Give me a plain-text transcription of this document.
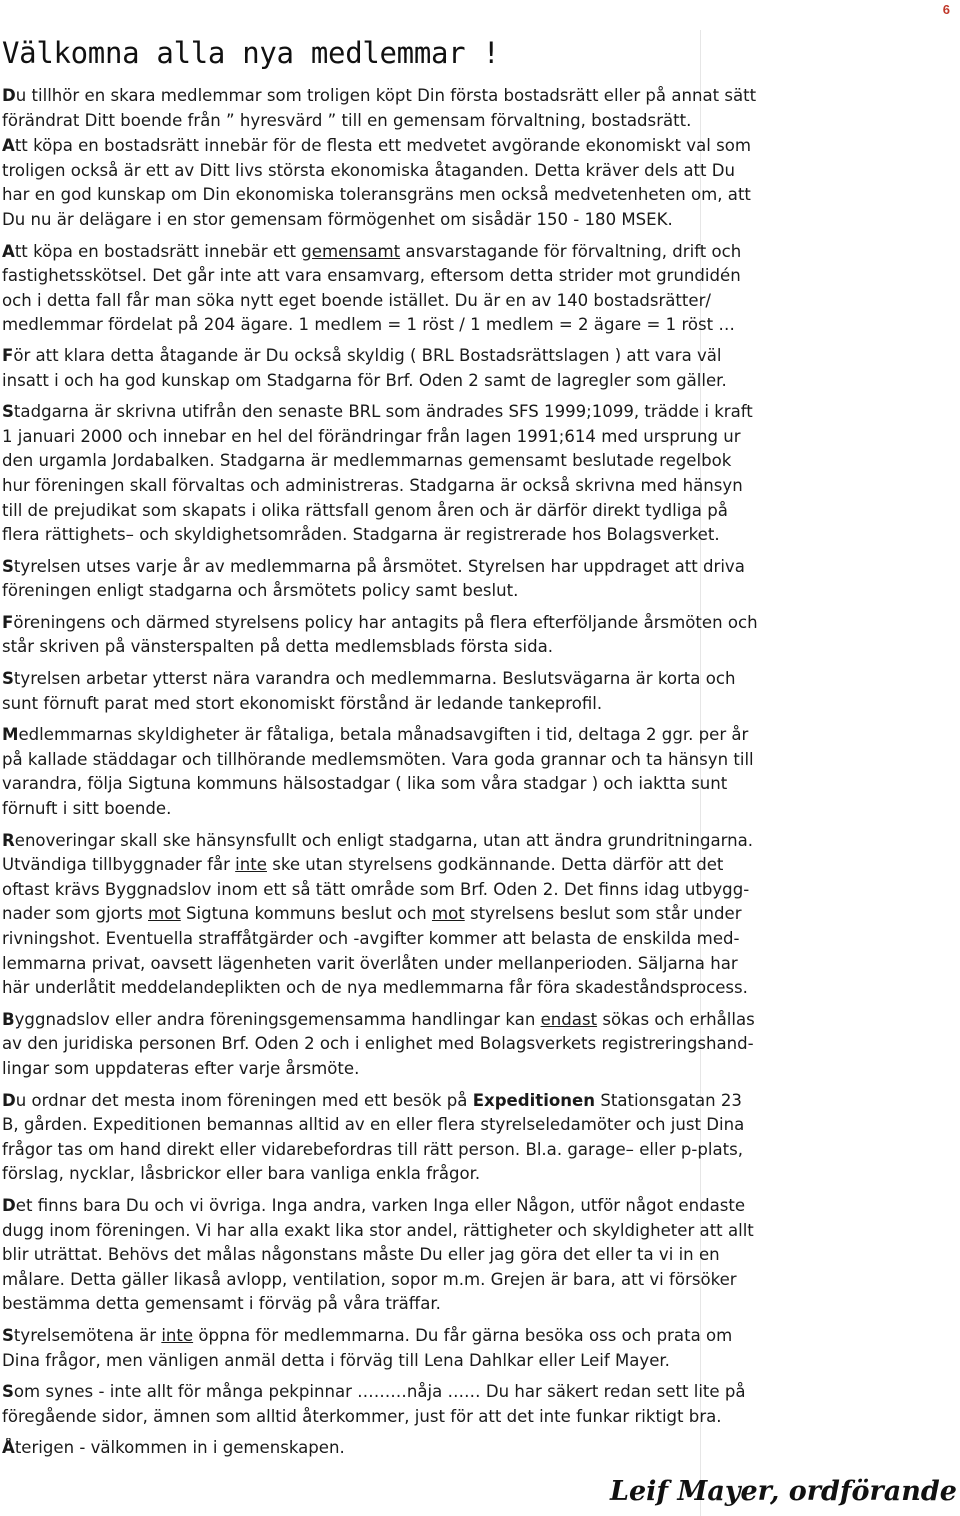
6
Välkomna alla nya medlemmar !

Du tillhör en skara medlemmar som troligen köpt Din första bostadsrätt eller på annat sätt
förändrat Ditt boende från ” hyresvärd ” till en gemensam förvaltning, bostadsrätt.

Att köpa en bostadsrätt innebär för de flesta ett medvetet avgörande ekonomiskt val som
troligen också är ett av Ditt livs största ekonomiska åtaganden. Detta kräver dels att Du
har en god kunskap om Din ekonomiska toleransgräns men också medvetenheten om, att
Du nu är delägare i en stor gemensam förmögenhet om sisådär 150 - 180 MSEK.

Att köpa en bostadsrätt innebär ett gemensamt ansvarstagande för förvaltning, drift och
fastighetsskötsel. Det går inte att vara ensamvarg, eftersom detta strider mot grundidén
och i detta fall får man söka nytt eget boende istället. Du är en av 140 bostadsrätter/
medlemmar fördelat på 204 ägare. 1 medlem = 1 röst / 1 medlem = 2 ägare = 1 röst …

För att klara detta åtagande är Du också skyldig ( BRL Bostadsrättslagen ) att vara väl
insatt i och ha god kunskap om Stadgarna för Brf. Oden 2 samt de lagregler som gäller.

Stadgarna är skrivna utifrån den senaste BRL som ändrades SFS 1999;1099, trädde i kraft
1 januari 2000 och innebar en hel del förändringar från lagen 1991;614 med ursprung ur
den urgamla Jordabalken. Stadgarna är medlemmarnas gemensamt beslutade regelbok
hur föreningen skall förvaltas och administreras. Stadgarna är också skrivna med hänsyn
till de prejudikat som skapats i olika rättsfall genom åren och är därför direkt tydliga på
flera rättighets– och skyldighetsområden. Stadgarna är registrerade hos Bolagsverket.

Styrelsen utses varje år av medlemmarna på årsmötet. Styrelsen har uppdraget att driva
föreningen enligt stadgarna och årsmötets policy samt beslut.

Föreningens och därmed styrelsens policy har antagits på flera efterföljande årsmöten och
står skriven på vänsterspalten på detta medlemsblads första sida.

Styrelsen arbetar ytterst nära varandra och medlemmarna. Beslutsvägarna är korta och
sunt förnuft parat med stort ekonomiskt förstånd är ledande tankeprofil.

Medlemmarnas skyldigheter är fåtaliga, betala månadsavgiften i tid, deltaga 2 ggr. per år
på kallade städdagar och tillhörande medlemsmöten. Vara goda grannar och ta hänsyn till
varandra, följa Sigtuna kommuns hälsostadgar ( lika som våra stadgar ) och iaktta sunt
förnuft i sitt boende.

Renoveringar skall ske hänsynsfullt och enligt stadgarna, utan att ändra grundritningarna.
Utvändiga tillbyggnader får inte ske utan styrelsens godkännande. Detta därför att det
oftast krävs Byggnadslov inom ett så tätt område som Brf. Oden 2. Det finns idag utbygg-
nader som gjorts mot Sigtuna kommuns beslut och mot styrelsens beslut som står under
rivningshot. Eventuella straffåtgärder och -avgifter kommer att belasta de enskilda med-
lemmarna privat, oavsett lägenheten varit överlåten under mellanperioden. Säljarna har
här underlåtit meddelandeplikten och de nya medlemmarna får föra skadeståndsprocess.

Byggnadslov eller andra föreningsgemensamma handlingar kan endast sökas och erhållas
av den juridiska personen Brf. Oden 2 och i enlighet med Bolagsverkets registreringshand-
lingar som uppdateras efter varje årsmöte.

Du ordnar det mesta inom föreningen med ett besök på Expeditionen Stationsgatan 23
B, gården. Expeditionen bemannas alltid av en eller flera styrelseledamöter och just Dina
frågor tas om hand direkt eller vidarebefordras till rätt person. Bl.a. garage– eller p-plats,
förslag, nycklar, låsbrickor eller bara vanliga enkla frågor.

Det finns bara Du och vi övriga. Inga andra, varken Inga eller Någon, utför något endaste
dugg inom föreningen. Vi har alla exakt lika stor andel, rättigheter och skyldigheter att allt
blir uträttat. Behövs det målas någonstans måste Du eller jag göra det eller ta vi in en
målare. Detta gäller likaså avlopp, ventilation, sopor m.m. Grejen är bara, att vi försöker
bestämma detta gemensamt i förväg på våra träffar.

Styrelsemötena är inte öppna för medlemmarna. Du får gärna besöka oss och prata om
Dina frågor, men vänligen anmäl detta i förväg till Lena Dahlkar eller Leif Mayer.

Som synes - inte allt för många pekpinnar ………nåja …… Du har säkert redan sett lite på
föregående sidor, ämnen som alltid återkommer, just för att det inte funkar riktigt bra.

Återigen - välkommen in i gemenskapen.

Leif Mayer, ordförande
